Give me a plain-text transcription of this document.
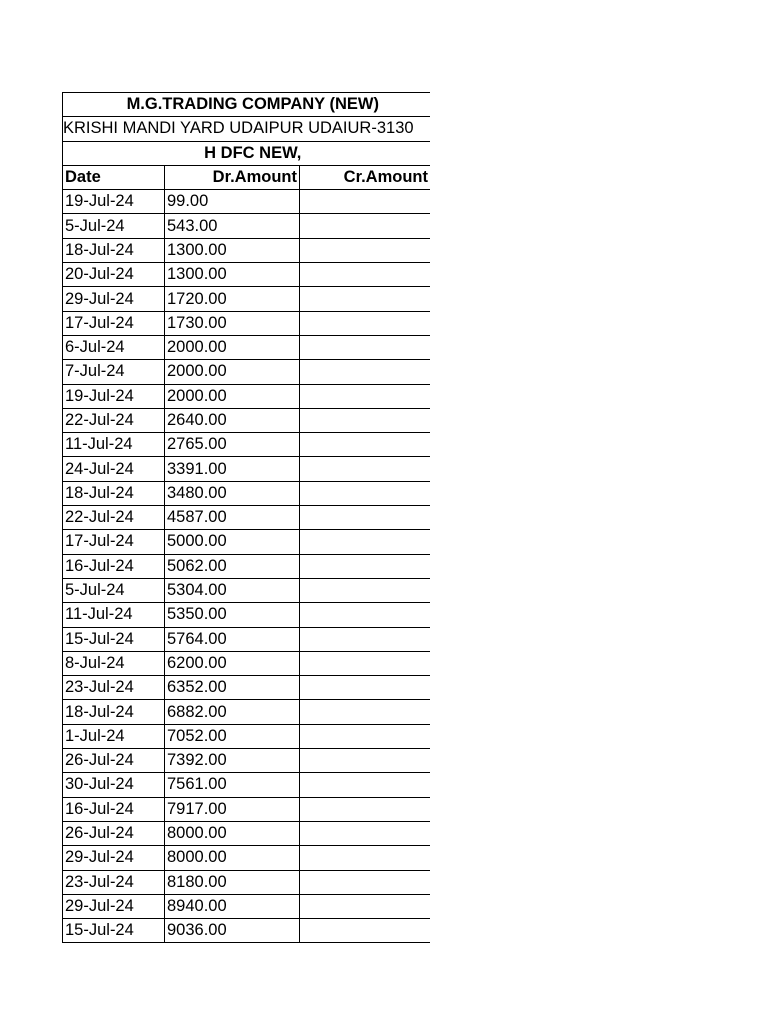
M.G.TRADING COMPANY (NEW)			
KRISHI MANDI YARD UDAIPUR UDAIUR-3130			
H DFC NEW,			
Date	Dr.Amount	Cr.Amount	
19-Jul-24	99.00		
5-Jul-24	543.00		
18-Jul-24	1300.00		
20-Jul-24	1300.00		
29-Jul-24	1720.00		
17-Jul-24	1730.00		
6-Jul-24	2000.00		
7-Jul-24	2000.00		
19-Jul-24	2000.00		
22-Jul-24	2640.00		
11-Jul-24	2765.00		
24-Jul-24	3391.00		
18-Jul-24	3480.00		
22-Jul-24	4587.00		
17-Jul-24	5000.00		
16-Jul-24	5062.00		
5-Jul-24	5304.00		
11-Jul-24	5350.00		
15-Jul-24	5764.00		
8-Jul-24	6200.00		
23-Jul-24	6352.00		
18-Jul-24	6882.00		
1-Jul-24	7052.00		
26-Jul-24	7392.00		
30-Jul-24	7561.00		
16-Jul-24	7917.00		
26-Jul-24	8000.00		
29-Jul-24	8000.00		
23-Jul-24	8180.00		
29-Jul-24	8940.00		
15-Jul-24	9036.00		
